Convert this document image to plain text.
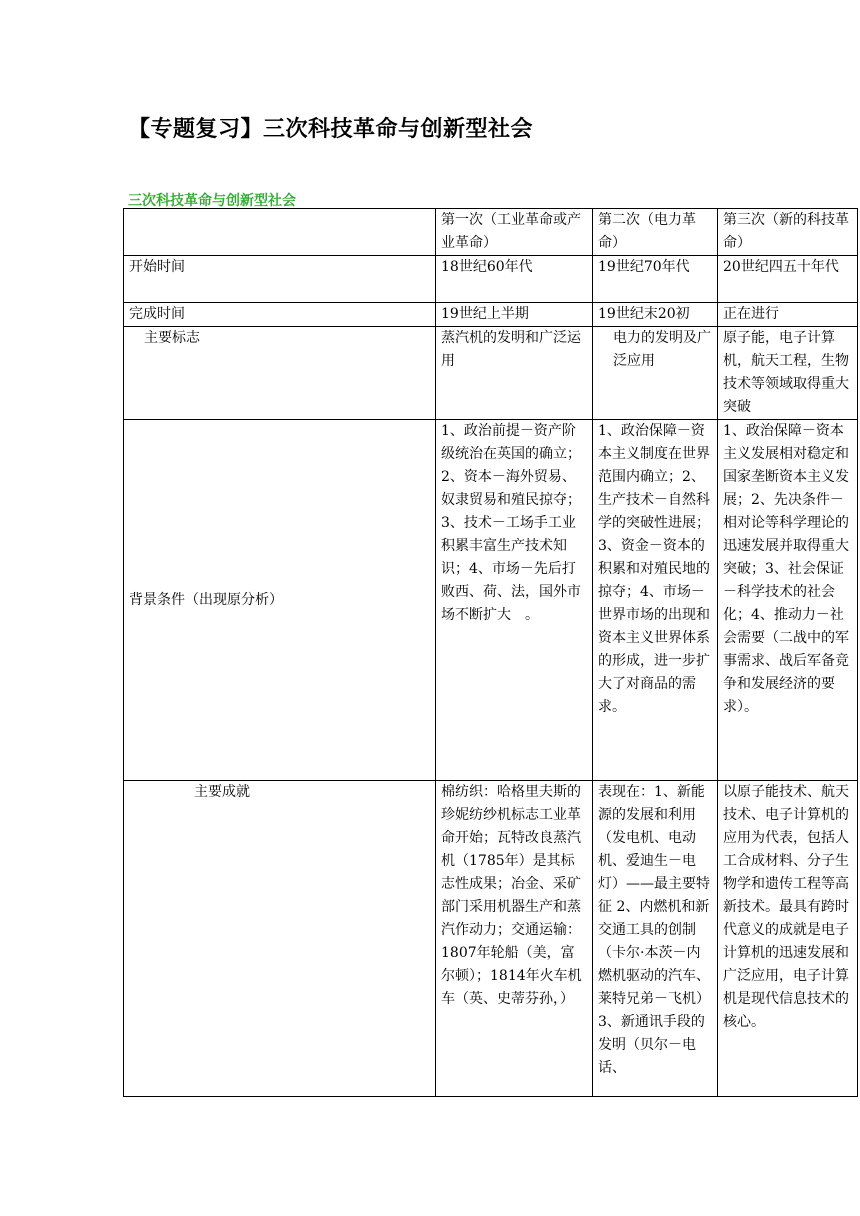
【专题复习】三次科技革命与创新型社会
三次科技革命与创新型社会
	第一次（工业革命或产业革命）	第二次（电力革命）	第三次（新的科技革命）
开始时间	18世纪60年代	19世纪70年代	20世纪四五十年代
完成时间	19世纪上半期	19世纪末20初	正在进行
主要标志	蒸汽机的发明和广泛运用	电力的发明及广泛应用	原子能，电子计算机，航天工程，生物技术等领域取得重大突破
背景条件（出现原分析）	1、政治前提－资产阶级统治在英国的确立；2、资本－海外贸易、奴隶贸易和殖民掠夺；3、技术－工场手工业积累丰富生产技术知识；4、市场－先后打败西、荷、法，国外市场不断扩大　。	1、政治保障－资本主义制度在世界范围内确立；2、生产技术－自然科学的突破性进展；3、资金－资本的积累和对殖民地的掠夺；4、市场－世界市场的出现和资本主义世界体系的形成，进一步扩大了对商品的需求。	1、政治保障－资本主义发展相对稳定和国家垄断资本主义发展；2、先决条件－相对论等科学理论的迅速发展并取得重大突破；3、社会保证－科学技术的社会化；4、推动力－社会需要（二战中的军事需求、战后军备竞争和发展经济的要求）。
主要成就	棉纺织：哈格里夫斯的珍妮纺纱机标志工业革命开始；瓦特改良蒸汽机（1785年）是其标志性成果；冶金、采矿部门采用机器生产和蒸汽作动力；交通运输：1807年轮船（美，富尔顿）；1814年火车机车（英、史蒂芬孙，）	表现在：1、新能源的发展和利用（发电机、电动机、爱迪生－电灯）——最主要特征 2、内燃机和新交通工具的创制（卡尔·本茨－内燃机驱动的汽车、莱特兄弟－飞机）3、新通讯手段的发明（贝尔－电话、	以原子能技术、航天技术、电子计算机的应用为代表，包括人工合成材料、分子生物学和遗传工程等高新技术。最具有跨时代意义的成就是电子计算机的迅速发展和广泛应用，电子计算机是现代信息技术的核心。
